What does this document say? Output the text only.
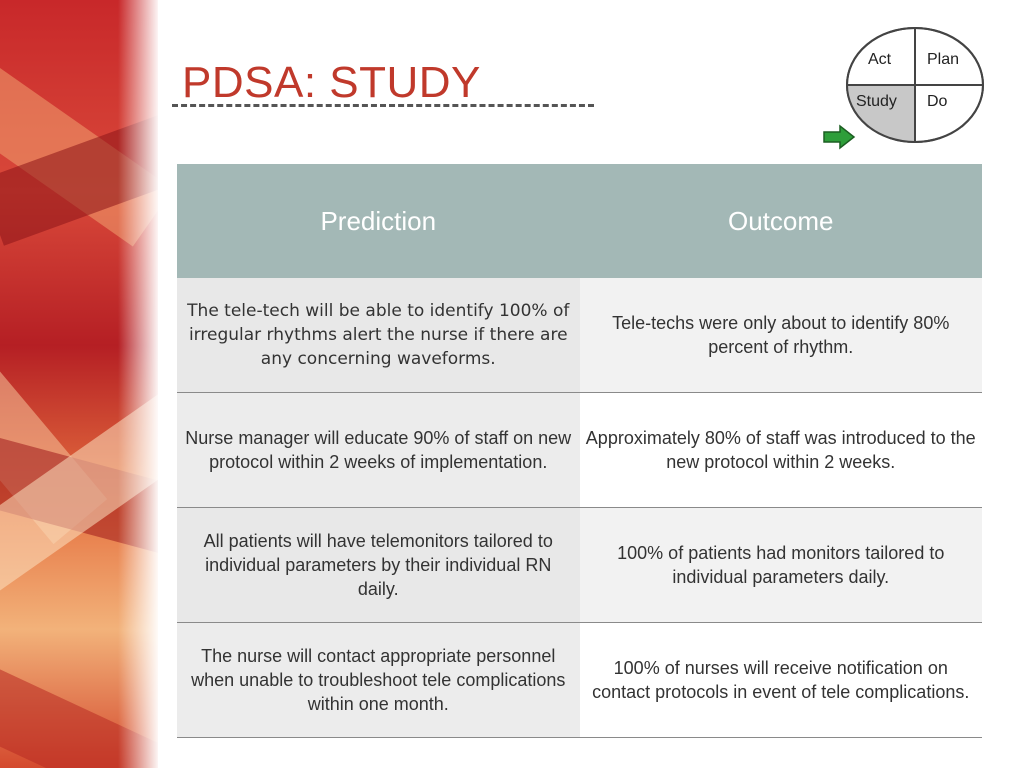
PDSA: STUDY	Act Plan
Study Do
Prediction	Outcome
The tele-tech will be able to identify 100% of irregular rhythms alert the nurse if there are any concerning waveforms.	Tele-techs were only about to identify 80% percent of rhythm.
Nurse manager will educate 90% of staff on new protocol within 2 weeks of implementation.	Approximately 80% of staff was introduced to the new protocol within 2 weeks.
All patients will have telemonitors tailored to individual parameters by their individual RN daily.	100% of patients had monitors tailored to individual parameters daily.
The nurse will contact appropriate personnel when unable to troubleshoot tele complications within one month.	100% of nurses will receive notification on contact protocols in event of tele complications.
